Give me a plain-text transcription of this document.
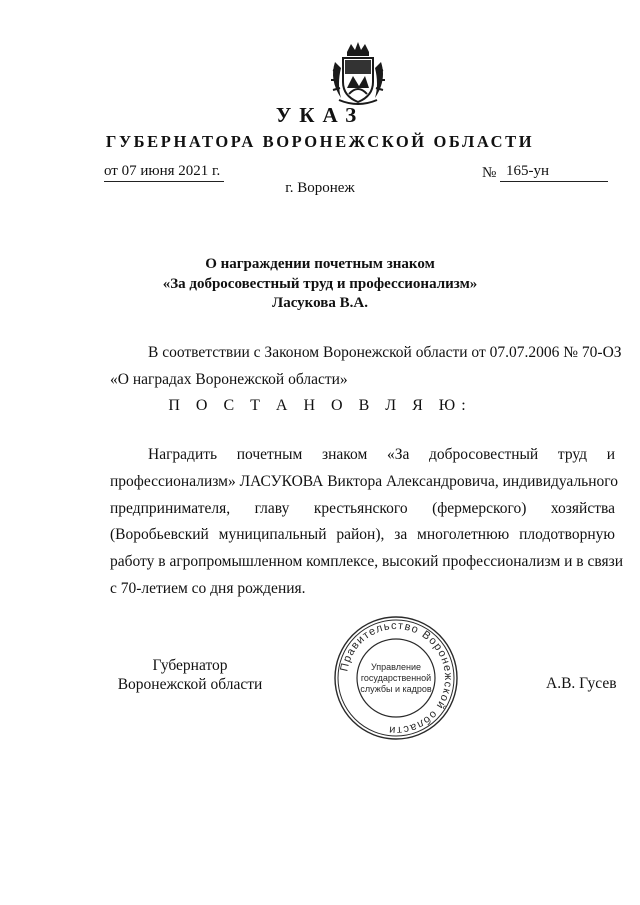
УКАЗ
ГУБЕРНАТОРА ВОРОНЕЖСКОЙ ОБЛАСТИ
от 07 июня 2021 г.	№ 165-ун
г. Воронеж
О награждении почетным знаком
«За добросовестный труд и профессионализм»
Ласукова В.А.
В соответствии с Законом Воронежской области от 07.07.2006 № 70-ОЗ
«О наградах Воронежской области»
П О С Т А Н О В Л Я Ю:
Наградить почетным знаком «За добросовестный труд и
профессионализм» ЛАСУКОВА Виктора Александровича, индивидуального
предпринимателя, главу крестьянского (фермерского) хозяйства
(Воробьевский муниципальный район), за многолетнюю плодотворную
работу в агропромышленном комплексе, высокий профессионализм и в связи
с 70-летием со дня рождения.
Губернатор
Воронежской области	А.В. Гусев
Правительство Воронежской области
Управление
государственной
службы и кадров
